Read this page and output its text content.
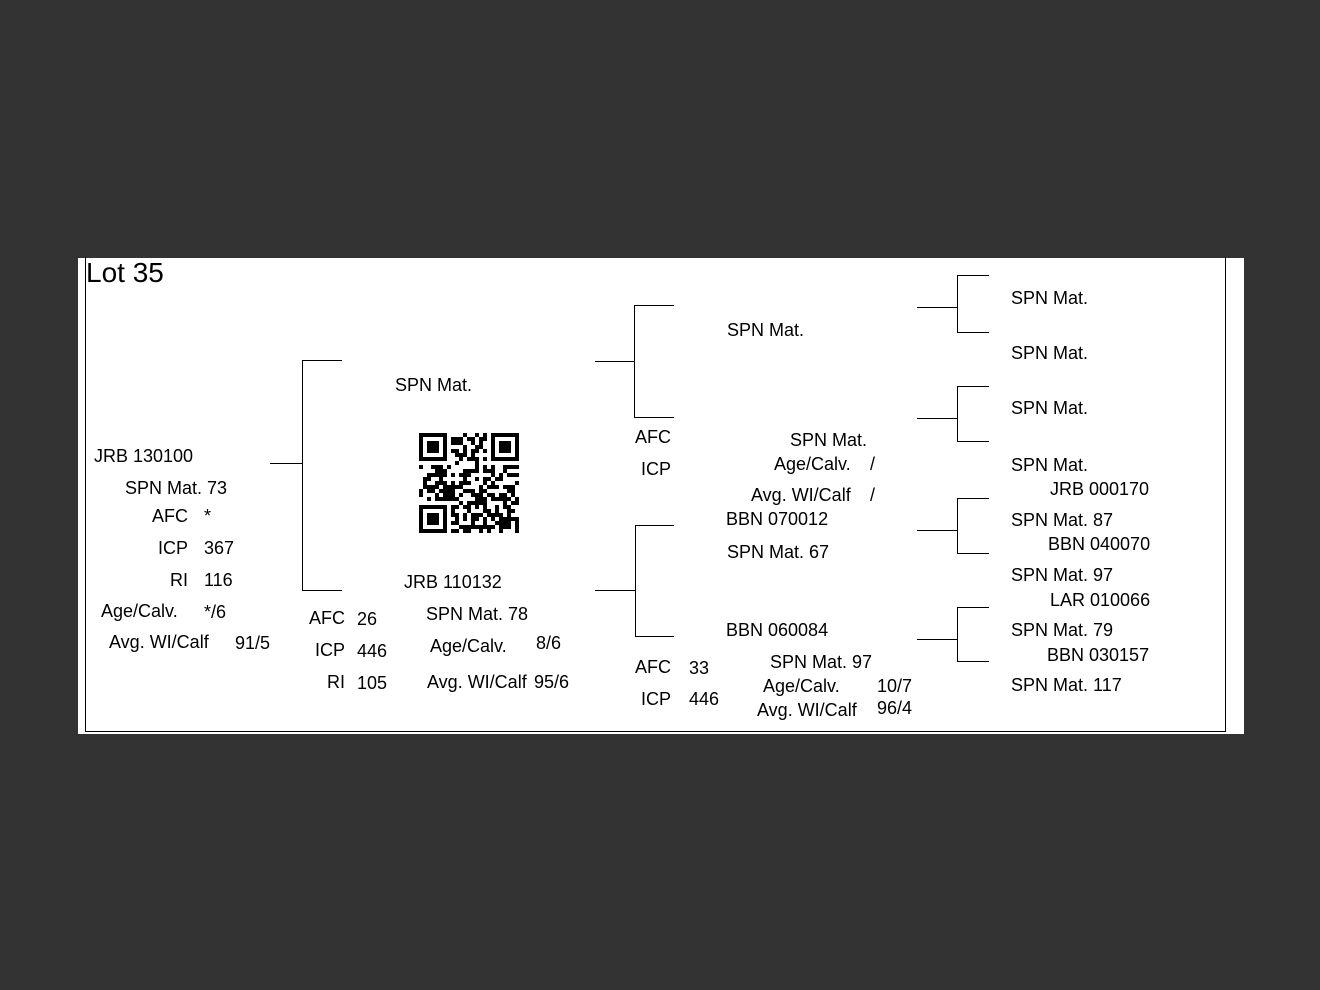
Lot 35
JRB 130100
SPN Mat. 73
AFC *
ICP 367
RI 116
Age/Calv. */6
Avg. WI/Calf 91/5
SPN Mat.
JRB 110132
SPN Mat. 78
AFC 26
ICP 446
RI 105
Age/Calv. 8/6
Avg. WI/Calf 95/6
SPN Mat.
AFC
ICP
SPN Mat.
Age/Calv. /
Avg. WI/Calf /
BBN 070012
SPN Mat. 67
BBN 060084
SPN Mat. 97
AFC 33
ICP 446
Age/Calv. 10/7
Avg. WI/Calf 96/4
SPN Mat.
SPN Mat.
SPN Mat.
SPN Mat.
JRB 000170
SPN Mat. 87
BBN 040070
SPN Mat. 97
LAR 010066
SPN Mat. 79
BBN 030157
SPN Mat. 117
